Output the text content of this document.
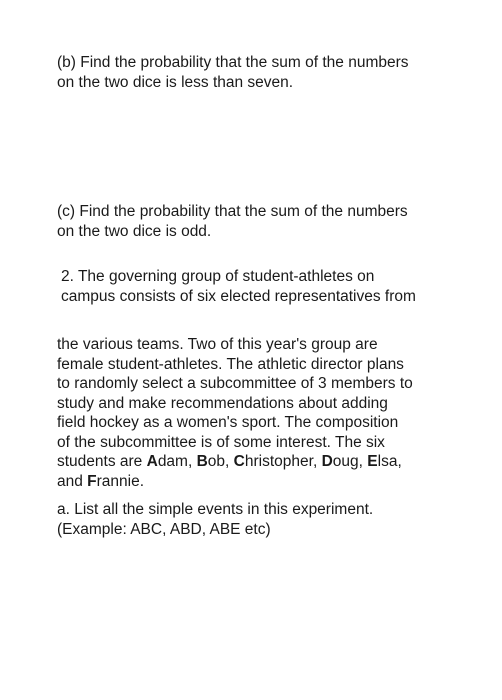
(b) Find the probability that the sum of the numbers
on the two dice is less than seven.
(c) Find the probability that the sum of the numbers
on the two dice is odd.
2. The governing group of student-athletes on
campus consists of six elected representatives from
the various teams. Two of this year's group are
female student-athletes. The athletic director plans
to randomly select a subcommittee of 3 members to
study and make recommendations about adding
field hockey as a women's sport. The composition
of the subcommittee is of some interest. The six
students are Adam, Bob, Christopher, Doug, Elsa,
and Frannie.
a. List all the simple events in this experiment.
(Example: ABC, ABD, ABE etc)
